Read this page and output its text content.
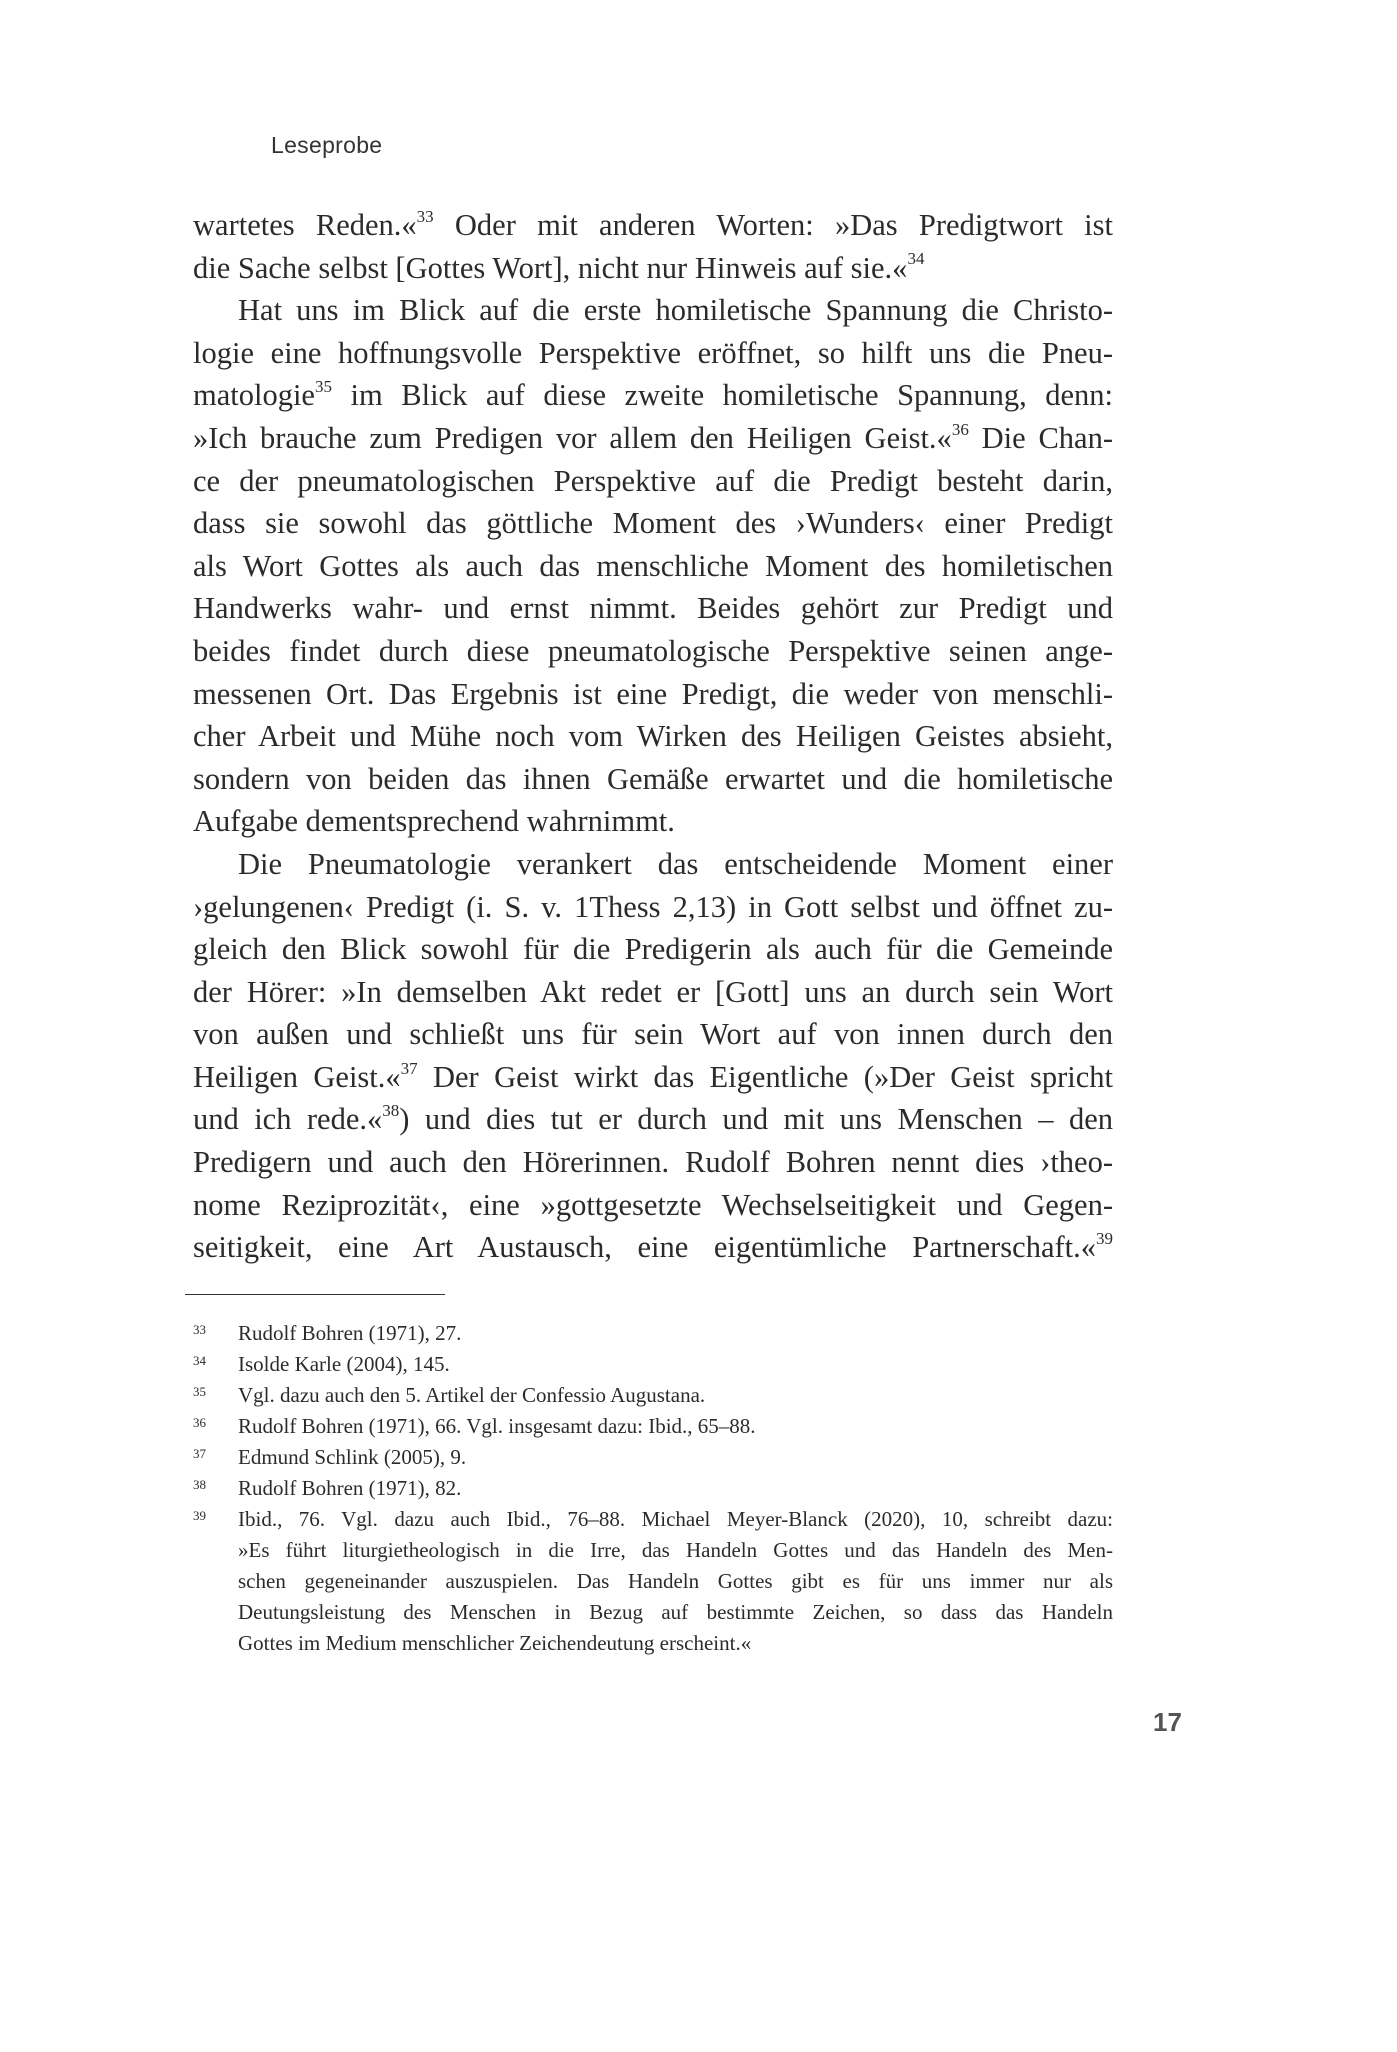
Leseprobe
wartetes Reden.«$^{33}$ Oder mit anderen Worten: »Das Predigtwort ist
die Sache selbst [Gottes Wort], nicht nur Hinweis auf sie.«$^{34}$
Hat uns im Blick auf die erste homiletische Spannung die Christo-
logie eine hoffnungsvolle Perspektive eröffnet, so hilft uns die Pneu-
matologie$^{35}$ im Blick auf diese zweite homiletische Spannung, denn:
»Ich brauche zum Predigen vor allem den Heiligen Geist.«$^{36}$ Die Chan-
ce der pneumatologischen Perspektive auf die Predigt besteht darin,
dass sie sowohl das göttliche Moment des ›Wunders‹ einer Predigt
als Wort Gottes als auch das menschliche Moment des homiletischen
Handwerks wahr- und ernst nimmt. Beides gehört zur Predigt und
beides findet durch diese pneumatologische Perspektive seinen ange-
messenen Ort. Das Ergebnis ist eine Predigt, die weder von menschli-
cher Arbeit und Mühe noch vom Wirken des Heiligen Geistes absieht,
sondern von beiden das ihnen Gemäße erwartet und die homiletische
Aufgabe dementsprechend wahrnimmt.
Die Pneumatologie verankert das entscheidende Moment einer
›gelungenen‹ Predigt (i. S. v. 1Thess 2,13) in Gott selbst und öffnet zu-
gleich den Blick sowohl für die Predigerin als auch für die Gemeinde
der Hörer: »In demselben Akt redet er [Gott] uns an durch sein Wort
von außen und schließt uns für sein Wort auf von innen durch den
Heiligen Geist.«$^{37}$ Der Geist wirkt das Eigentliche (»Der Geist spricht
und ich rede.«$^{38}$) und dies tut er durch und mit uns Menschen – den
Predigern und auch den Hörerinnen. Rudolf Bohren nennt dies ›theo-
nome Reziprozität‹, eine »gottgesetzte Wechselseitigkeit und Gegen-
seitigkeit, eine Art Austausch, eine eigentümliche Partnerschaft.«$^{39}$
33 Rudolf Bohren (1971), 27.
34 Isolde Karle (2004), 145.
35 Vgl. dazu auch den 5. Artikel der Confessio Augustana.
36 Rudolf Bohren (1971), 66. Vgl. insgesamt dazu: Ibid., 65–88.
37 Edmund Schlink (2005), 9.
38 Rudolf Bohren (1971), 82.
39 Ibid., 76. Vgl. dazu auch Ibid., 76–88. Michael Meyer-Blanck (2020), 10, schreibt dazu:
»Es führt liturgietheologisch in die Irre, das Handeln Gottes und das Handeln des Men-
schen gegeneinander auszuspielen. Das Handeln Gottes gibt es für uns immer nur als
Deutungsleistung des Menschen in Bezug auf bestimmte Zeichen, so dass das Handeln
Gottes im Medium menschlicher Zeichendeutung erscheint.«
17
